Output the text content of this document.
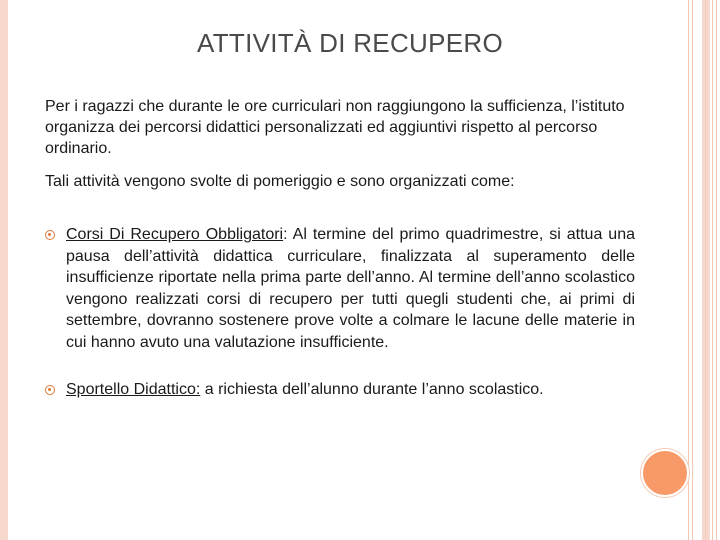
ATTIVITÀ DI RECUPERO

Per i ragazzi che durante le ore curriculari non raggiungono la sufficienza, l’istituto organizza dei percorsi didattici personalizzati ed aggiuntivi rispetto al percorso ordinario.

Tali attività vengono svolte di pomeriggio e sono organizzati come:

Corsi Di Recupero Obbligatori: Al termine del primo quadrimestre, si attua una pausa dell’attività didattica curriculare, finalizzata al superamento delle insufficienze riportate nella prima parte dell’anno. Al termine dell’anno scolastico vengono realizzati corsi di recupero per tutti quegli studenti che, ai primi di settembre, dovranno sostenere prove volte a colmare le lacune delle materie in cui hanno avuto una valutazione insufficiente.
Sportello Didattico: a richiesta dell’alunno durante l’anno scolastico.
